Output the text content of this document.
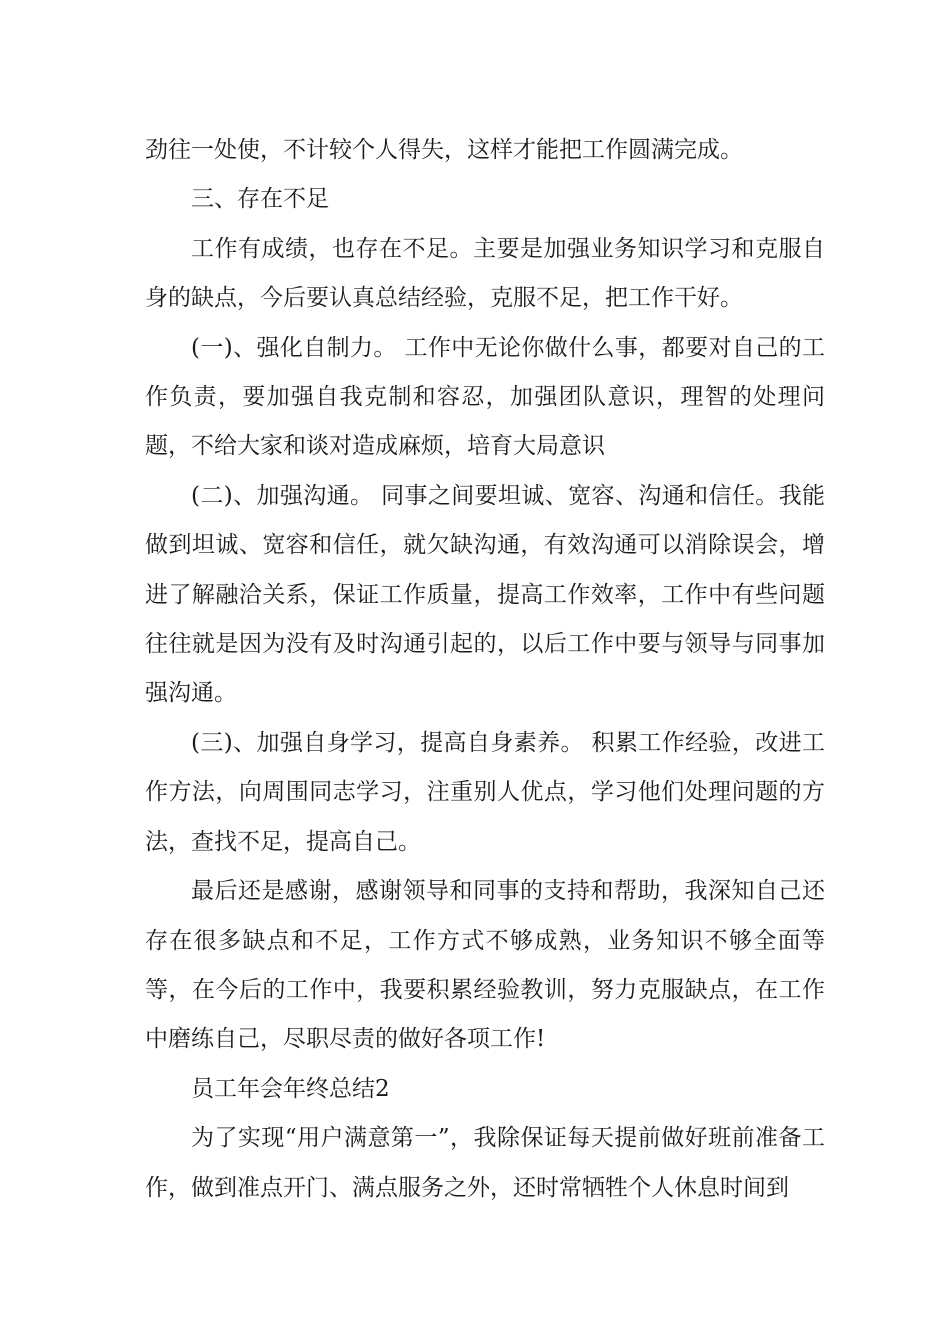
劲往一处使，不计较个人得失，这样才能把工作圆满完成。

三、存在不足

工作有成绩，也存在不足。主要是加强业务知识学习和克服自身的缺点，今后要认真总结经验，克服不足，把工作干好。

(一)、强化自制力。 工作中无论你做什么事，都要对自己的工作负责，要加强自我克制和容忍，加强团队意识，理智的处理问题，不给大家和谈对造成麻烦，培育大局意识

(二)、加强沟通。 同事之间要坦诚、宽容、沟通和信任。我能做到坦诚、宽容和信任，就欠缺沟通，有效沟通可以消除误会，增进了解融洽关系，保证工作质量，提高工作效率，工作中有些问题往往就是因为没有及时沟通引起的，以后工作中要与领导与同事加强沟通。

(三)、加强自身学习，提高自身素养。 积累工作经验，改进工作方法，向周围同志学习，注重别人优点，学习他们处理问题的方法，查找不足，提高自己。

最后还是感谢，感谢领导和同事的支持和帮助，我深知自己还存在很多缺点和不足，工作方式不够成熟，业务知识不够全面等等，在今后的工作中，我要积累经验教训，努力克服缺点，在工作中磨练自己，尽职尽责的做好各项工作!

员工年会年终总结2

为了实现“用户满意第一”，我除保证每天提前做好班前准备工作，做到准点开门、满点服务之外，还时常牺牲个人休息时间到
